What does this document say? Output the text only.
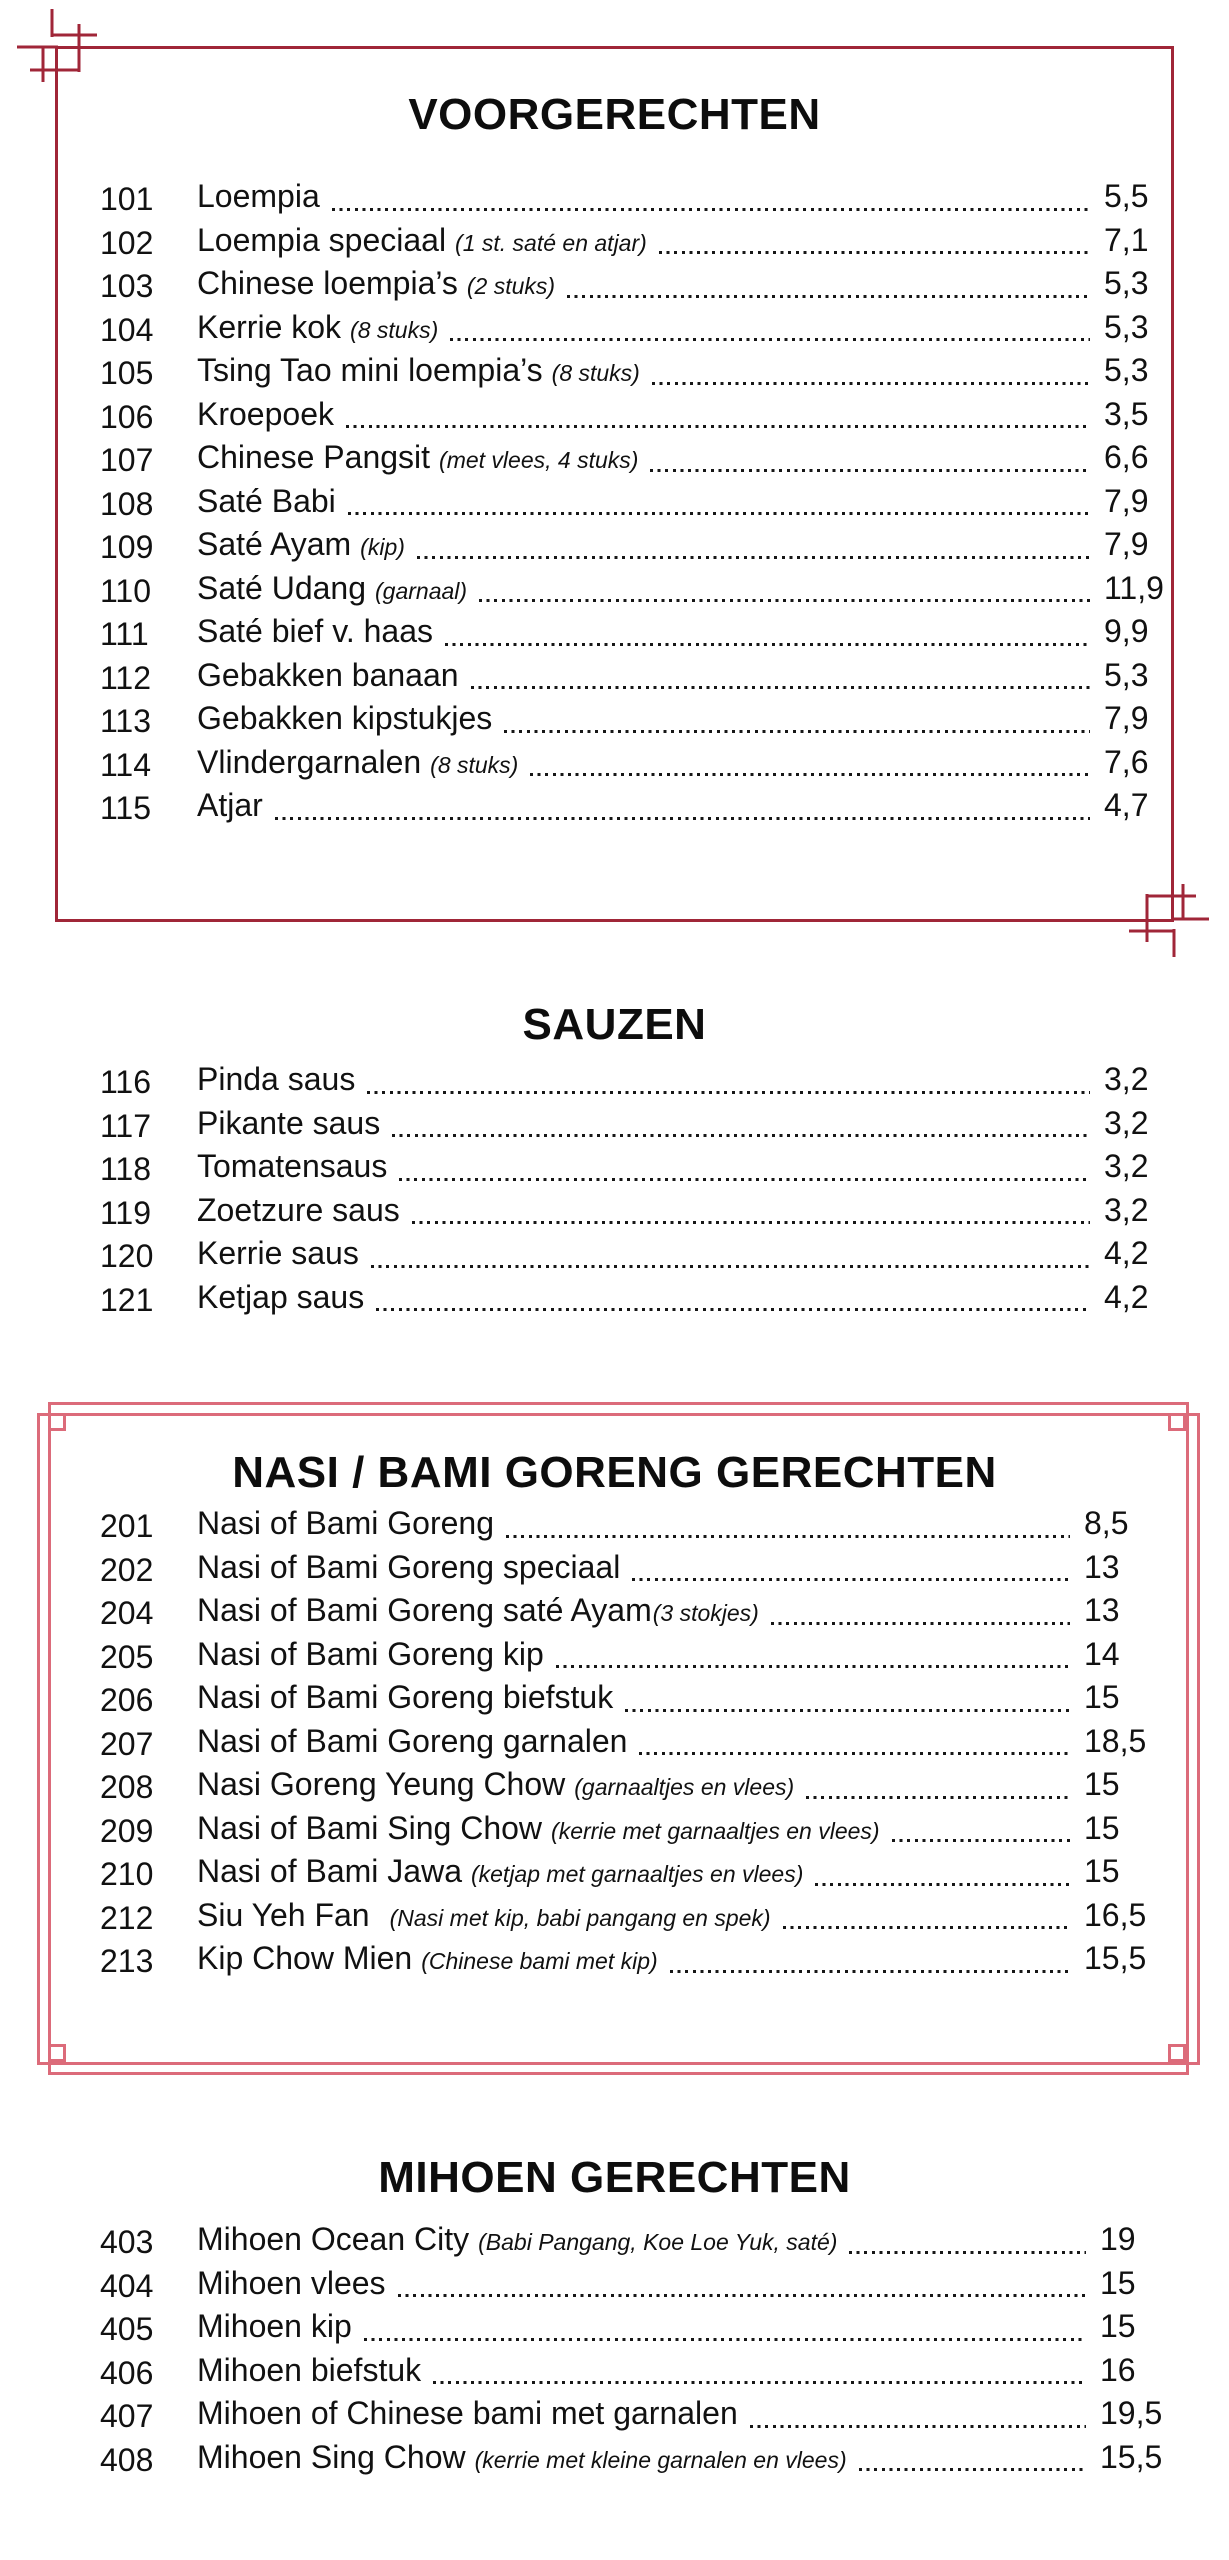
VOORGERECHTEN
SAUZEN
NASI / BAMI GORENG GERECHTEN
MIHOEN GERECHTEN
101	Loempia	5,5
102	Loempia speciaal (1 st. saté en atjar)	7,1
103	Chinese loempia’s (2 stuks)	5,3
104	Kerrie kok (8 stuks)	5,3
105	Tsing Tao mini loempia’s (8 stuks)	5,3
106	Kroepoek	3,5
107	Chinese Pangsit (met vlees, 4 stuks)	6,6
108	Saté Babi	7,9
109	Saté Ayam (kip)	7,9
110	Saté Udang (garnaal)	11,9
111	Saté bief v. haas	9,9
112	Gebakken banaan	5,3
113	Gebakken kipstukjes	7,9
114	Vlindergarnalen (8 stuks)	7,6
115	Atjar	4,7
116	Pinda saus	3,2
117	Pikante saus	3,2
118	Tomatensaus	3,2
119	Zoetzure saus	3,2
120	Kerrie saus	4,2
121	Ketjap saus	4,2
201	Nasi of Bami Goreng	8,5
202	Nasi of Bami Goreng speciaal	13
204	Nasi of Bami Goreng saté Ayam (3 stokjes)	13
205	Nasi of Bami Goreng kip	14
206	Nasi of Bami Goreng biefstuk	15
207	Nasi of Bami Goreng garnalen	18,5
208	Nasi Goreng Yeung Chow (garnaaltjes en vlees)	15
209	Nasi of Bami Sing Chow (kerrie met garnaaltjes en vlees)	15
210	Nasi of Bami Jawa (ketjap met garnaaltjes en vlees)	15
212	Siu Yeh Fan (Nasi met kip, babi pangang en spek)	16,5
213	Kip Chow Mien (Chinese bami met kip)	15,5
403	Mihoen Ocean City (Babi Pangang, Koe Loe Yuk, saté)	19
404	Mihoen vlees	15
405	Mihoen kip	15
406	Mihoen biefstuk	16
407	Mihoen of Chinese bami met garnalen	19,5
408	Mihoen Sing Chow (kerrie met kleine garnalen en vlees)	15,5
